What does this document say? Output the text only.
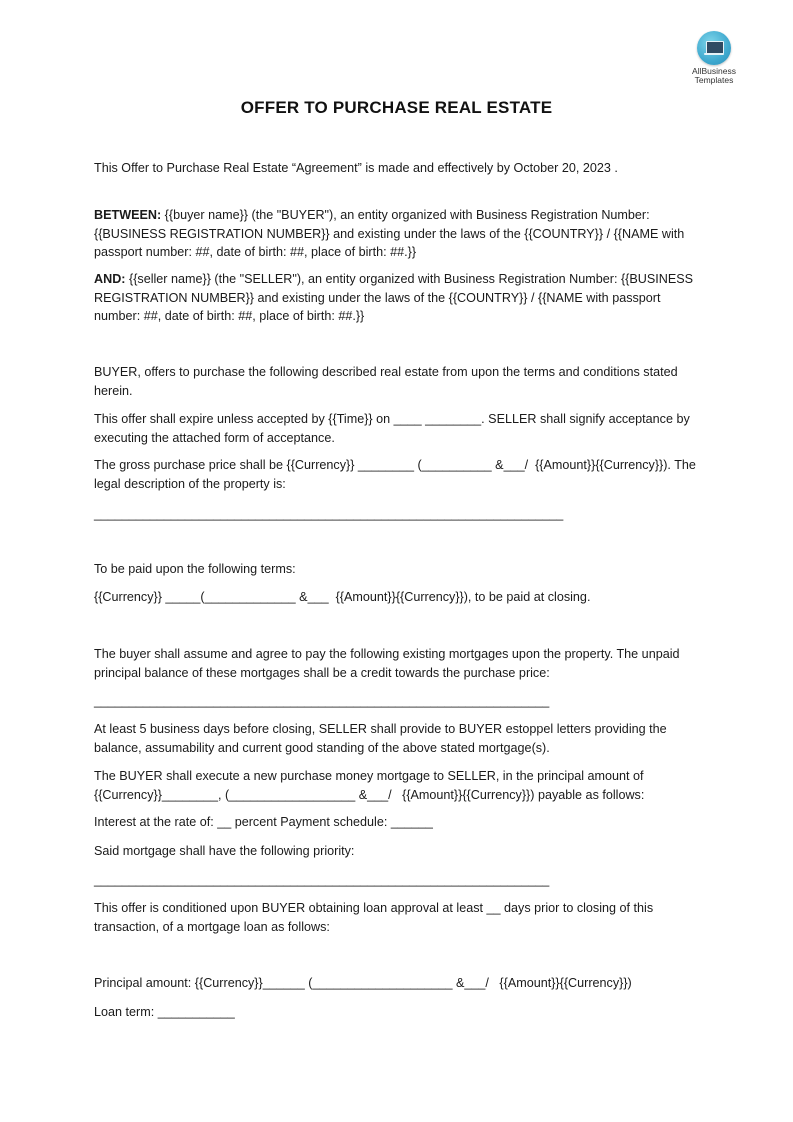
AllBusiness
Templates
OFFER TO PURCHASE REAL ESTATE
This Offer to Purchase Real Estate “Agreement” is made and effectively by October 20, 2023 .
BETWEEN: {{buyer name}} (the "BUYER"), an entity organized with Business Registration Number: {{BUSINESS REGISTRATION NUMBER}} and existing under the laws of the {{COUNTRY}} / {{NAME with passport number: ##, date of birth: ##, place of birth: ##.}}
AND: {{seller name}} (the "SELLER"), an entity organized with Business Registration Number: {{BUSINESS REGISTRATION NUMBER}} and existing under the laws of the {{COUNTRY}} / {{NAME with passport number: ##, date of birth: ##, place of birth: ##.}}
BUYER, offers to purchase the following described real estate from upon the terms and conditions stated herein.
This offer shall expire unless accepted by {{Time}} on ____ ________. SELLER shall signify acceptance by executing the attached form of acceptance.
The gross purchase price shall be {{Currency}} ________ (__________ &___/  {{Amount}}{{Currency}}). The legal description of the property is:
___________________________________________________________________
To be paid upon the following terms:
{{Currency}} _____(_____________ &___  {{Amount}}{{Currency}}), to be paid at closing.
The buyer shall assume and agree to pay the following existing mortgages upon the property. The unpaid principal balance of these mortgages shall be a credit towards the purchase price:
_________________________________________________________________
At least 5 business days before closing, SELLER shall provide to BUYER estoppel letters providing the balance, assumability and current good standing of the above stated mortgage(s).
The BUYER shall execute a new purchase money mortgage to SELLER, in the principal amount of {{Currency}}________, (__________________ &___/   {{Amount}}{{Currency}}) payable as follows:
Interest at the rate of: __ percent Payment schedule: ______
Said mortgage shall have the following priority:
_________________________________________________________________
This offer is conditioned upon BUYER obtaining loan approval at least __ days prior to closing of this transaction, of a mortgage loan as follows:
Principal amount: {{Currency}}______ (____________________ &___/   {{Amount}}{{Currency}})
Loan term: ___________
